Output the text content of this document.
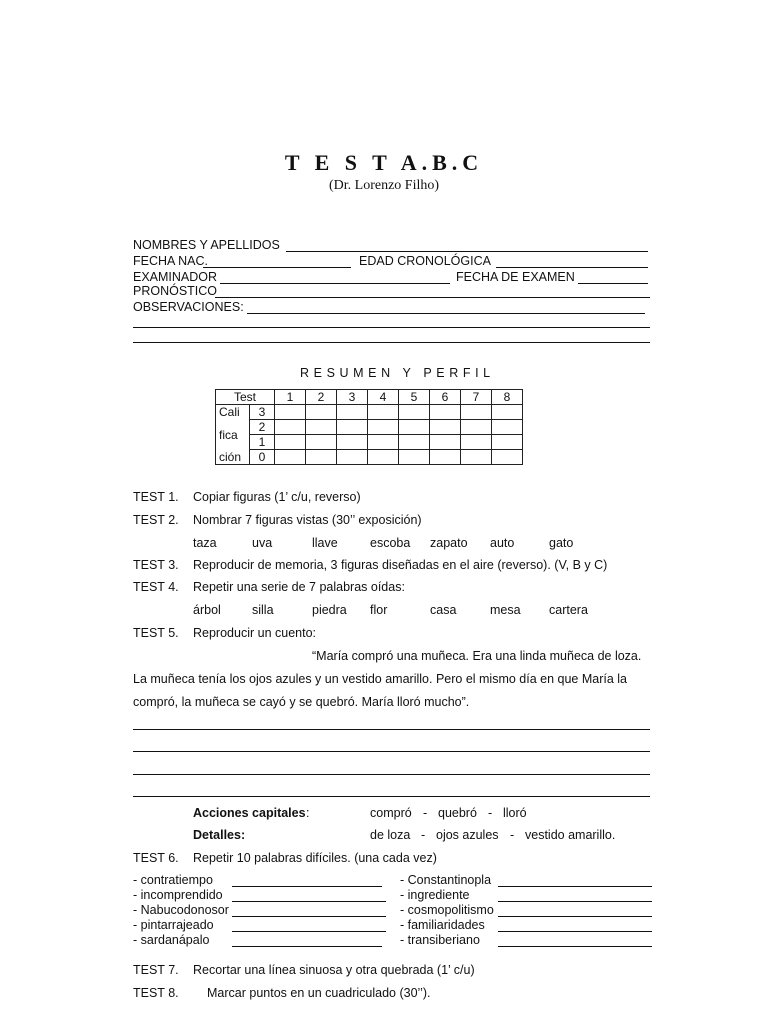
T E S T A.B.C
(Dr. Lorenzo Filho)
NOMBRES Y APELLIDOS
FECHA NAC.	EDAD CRONOLÓGICA
EXAMINADOR	FECHA DE EXAMEN
PRONÓSTICO
OBSERVACIONES:
RESUMEN Y PERFIL
Test		1	2	3	4	5	6	7	8
Cali	3								
fica	2								
	1								
ción	0								
TEST 1. Copiar figuras (1’ c/u, reverso)
TEST 2. Nombrar 7 figuras vistas (30’’ exposición)
taza	uva	llave	escoba zapato auto	gato
TEST 3. Reproducir de memoria, 3 figuras diseñadas en el aire (reverso). (V, B y C)
TEST 4. Repetir una serie de 7 palabras oídas:
árbol silla	piedra flor	casa	mesa cartera
TEST 5. Reproducir un cuento:
“María compró una muñeca. Era una linda muñeca de loza.
La muñeca tenía los ojos azules y un vestido amarillo. Pero el mismo día en que María la
compró, la muñeca se cayó y se quebró. María lloró mucho”.
Acciones capitales :	compró - quebró - lloró
Detalles:	de loza - ojos azules - vestido amarillo.
TEST 6. Repetir 10 palabras difíciles. (una cada vez)
- contratiempo
- incomprendido
- Nabucodonosor
- pintarrajeado
- sardanápalo
- Constantinopla
- ingrediente
- cosmopolitismo
- familiaridades
- transiberiano
TEST 7. Recortar una línea sinuosa y otra quebrada (1’ c/u)
TEST 8. Marcar puntos en un cuadriculado (30’’).
